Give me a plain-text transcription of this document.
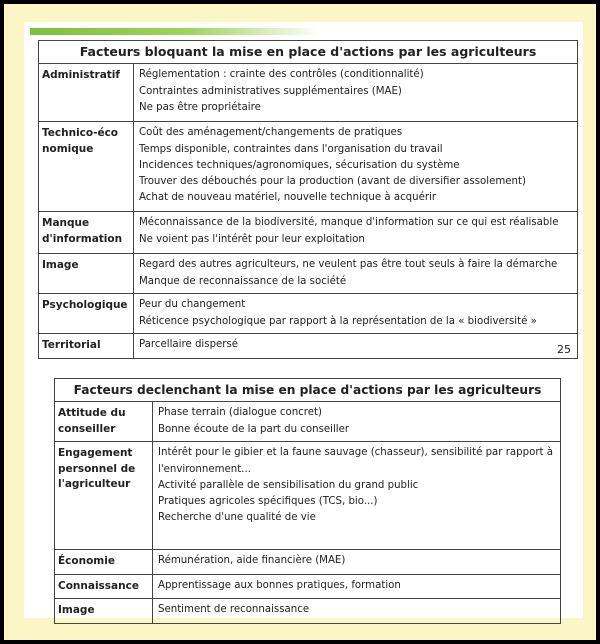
Facteurs bloquant la mise en place d'actions par les agriculteurs	
Administratif	Réglementation : crainte des contrôles (conditionnalité)
Contraintes administratives supplémentaires (MAE)
Ne pas être propriétaire

Technico-économique	Coût des aménagement/changements de pratiques
Temps disponible, contraintes dans l'organisation du travail
Incidences techniques/agronomiques, sécurisation du système
Trouver des débouchés pour la production (avant de diversifier assolement)
Achat de nouveau matériel, nouvelle technique à acquérir

Manque d'information	Méconnaissance de la biodiversité, manque d'information sur ce qui est réalisable
Ne voient pas l'intérêt pour leur exploitation

Image	Regard des autres agriculteurs, ne veulent pas être tout seuls à faire la démarche
Manque de reconnaissance de la société

Psychologique	Peur du changement
Réticence psychologique par rapport à la représentation de la « biodiversité »

Territorial	Parcellaire dispersé	25
Facteurs declenchant la mise en place d'actions par les agriculteurs	

Attitude du conseiller	Phase terrain (dialogue concret)
Bonne écoute de la part du conseiller

Engagement personnel de l'agriculteur	Intérêt pour le gibier et la faune sauvage (chasseur), sensibilité par rapport à l'environnement...
Activité parallèle de sensibilisation du grand public
Pratiques agricoles spécifiques (TCS, bio...)
Recherche d'une qualité de vie

Économie	Rémunération, aide financière (MAE)

Connaissance	Apprentissage aux bonnes pratiques, formation

Image	Sentiment de reconnaissance
